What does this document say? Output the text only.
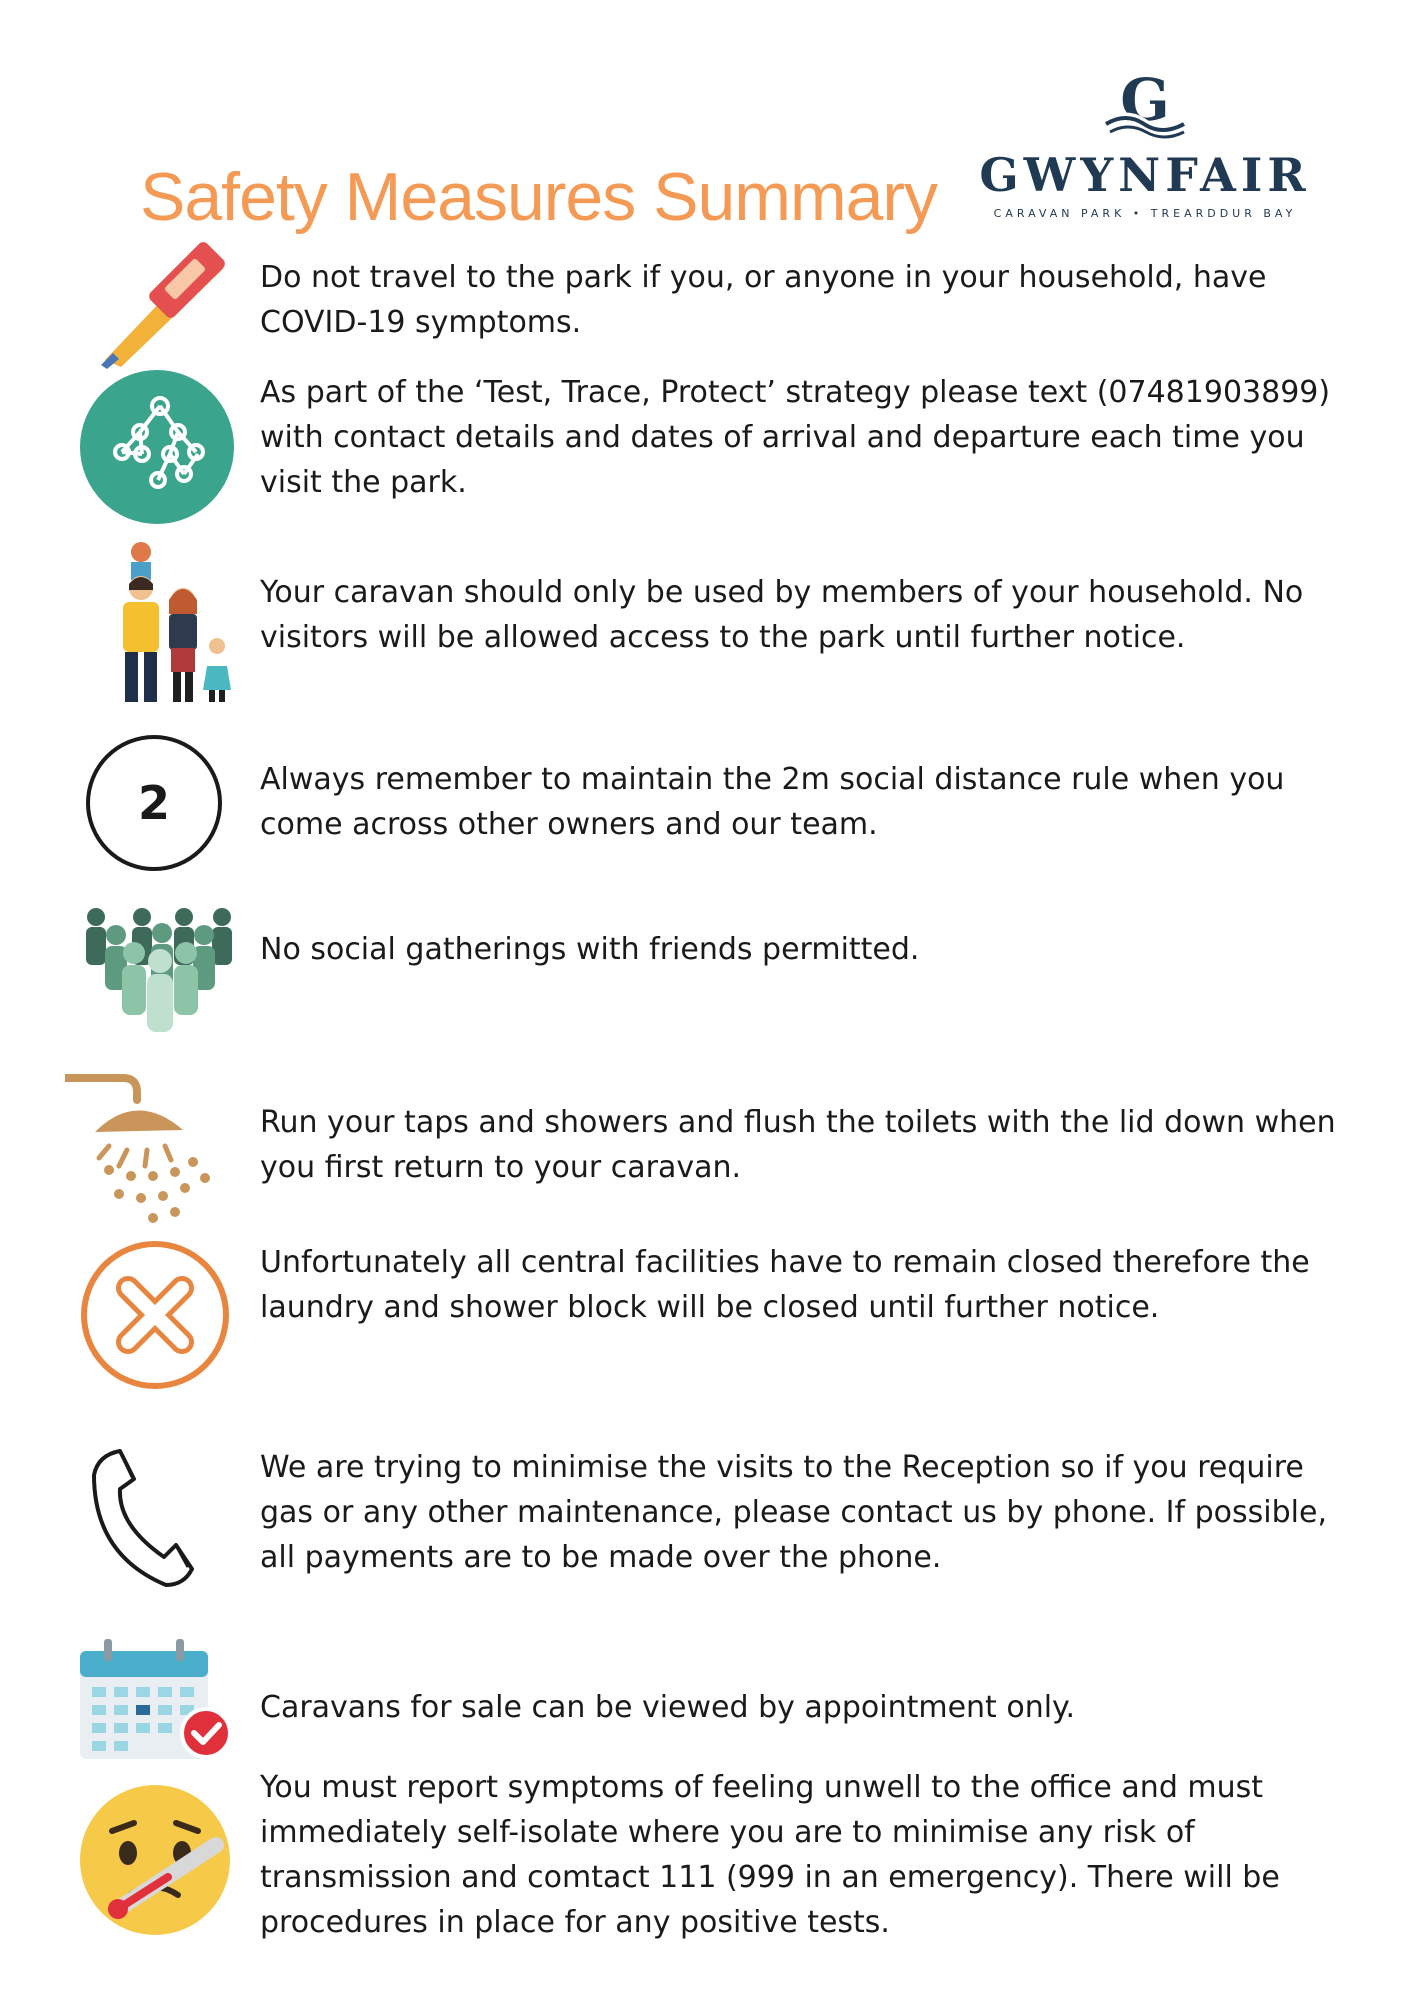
Safety Measures Summary
G
GWYNFAIR
CARAVAN PARK • TREARDDUR BAY

Do not travel to the park if you, or anyone in your household, have COVID-19 symptoms.

As part of the ‘Test, Trace, Protect’ strategy please text (07481903899) with contact details and dates of arrival and departure each time you visit the park.

Your caravan should only be used by members of your household. No visitors will be allowed access to the park until further notice.

2	Always remember to maintain the 2m social distance rule when you come across other owners and our team.

No social gatherings with friends permitted.

Run your taps and showers and flush the toilets with the lid down when you first return to your caravan.

Unfortunately all central facilities have to remain closed therefore the laundry and shower block will be closed until further notice.

We are trying to minimise the visits to the Reception so if you require gas or any other maintenance, please contact us by phone. If possible, all payments are to be made over the phone.

Caravans for sale can be viewed by appointment only.

You must report symptoms of feeling unwell to the office and must immediately self-isolate where you are to minimise any risk of transmission and comtact 111 (999 in an emergency). There will be procedures in place for any positive tests.
